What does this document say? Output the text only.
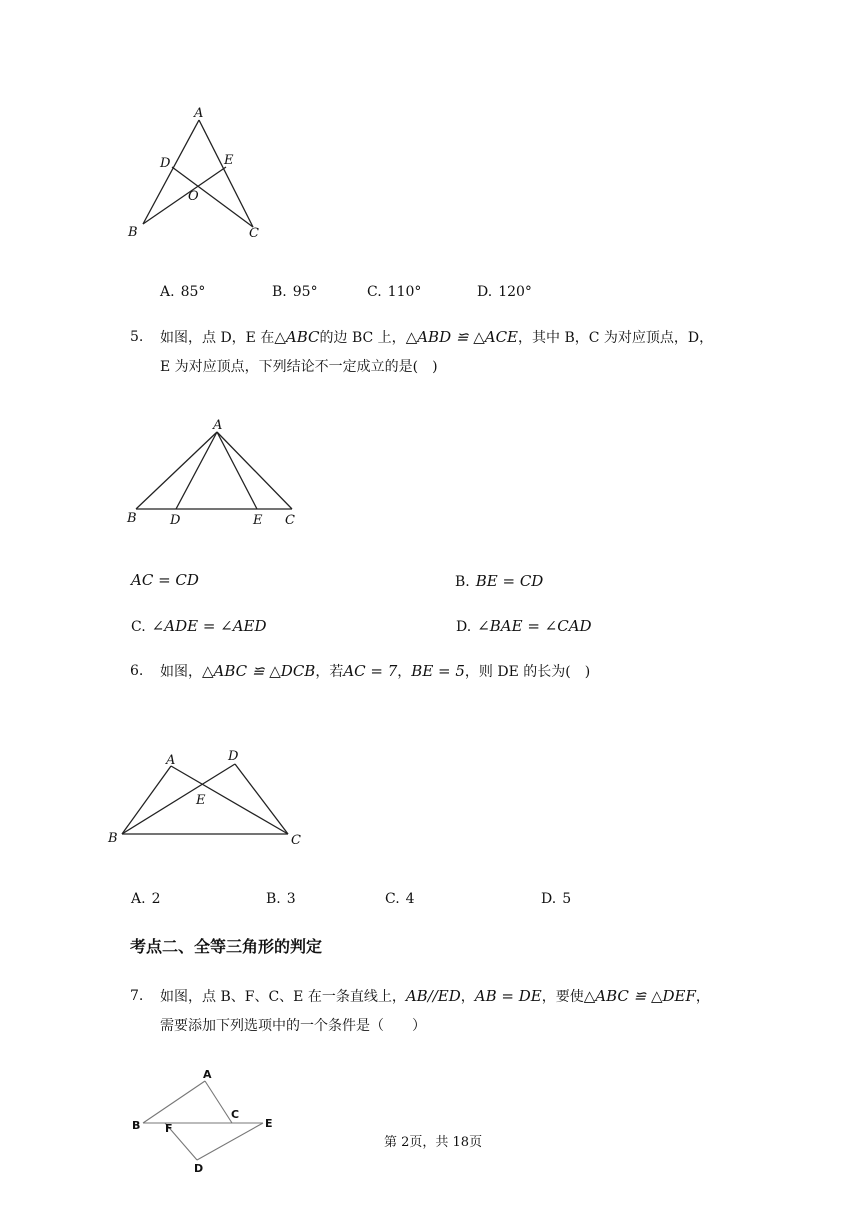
A
D	E
O
B	C
A. 85°	B. 95°	C. 110°	D. 120°
5. 如图，点 D，E 在△ABC的边 BC 上，△ABD ≌ △ACE，其中 B，C 为对应顶点，D，
E 为对应顶点，下列结论不一定成立的是(　)
A
B	D	E C
AC = CD	B. BE = CD
C. ∠ADE = ∠AED	D. ∠BAE = ∠CAD
6. 如图，△ABC ≌ △DCB，若AC = 7，BE = 5，则 DE 的长为(　)
A	D
E
B	C
A. 2	B. 3	C. 4	D. 5
考点二、全等三角形的判定
7. 如图，点 B、F、C、E 在一条直线上，AB//ED，AB = DE，要使△ABC ≌ △DEF，
需要添加下列选项中的一个条件是（　　）
A
B F
C
E
D
第 2页，共 18页
